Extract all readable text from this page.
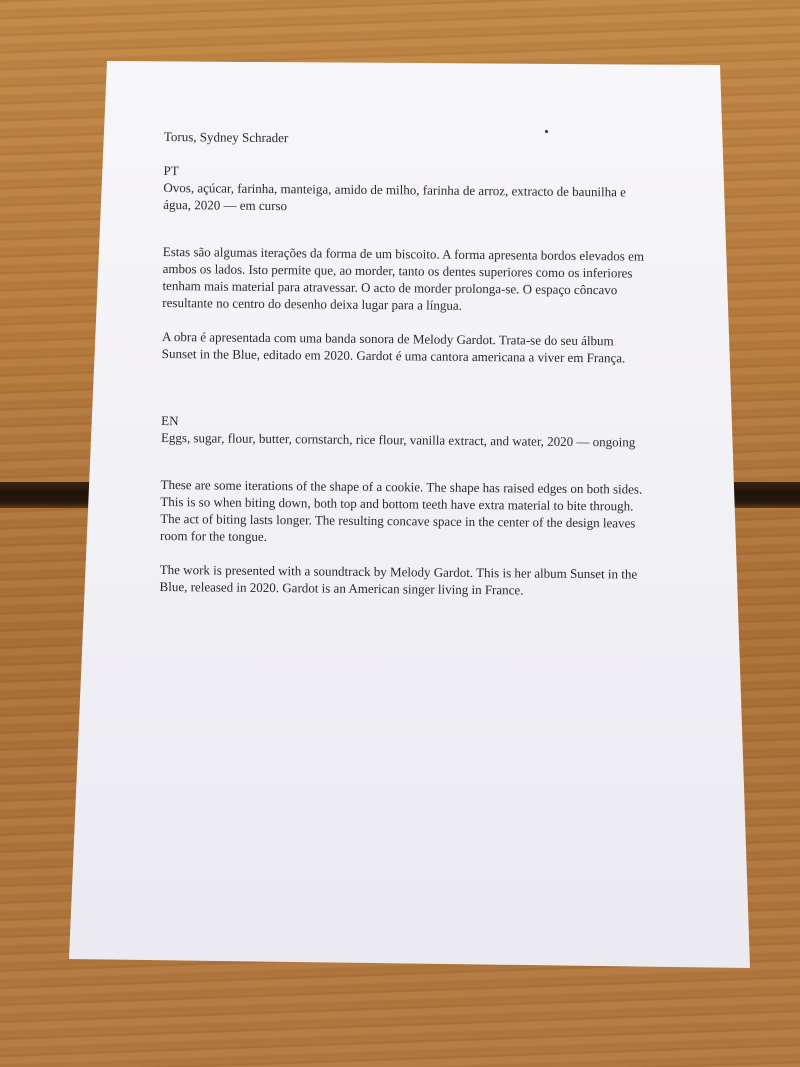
Torus, Sydney Schrader
PT
Ovos, açúcar, farinha, manteiga, amido de milho, farinha de arroz, extracto de baunilha e
água, 2020 — em curso
Estas são algumas iterações da forma de um biscoito. A forma apresenta bordos elevados em
ambos os lados. Isto permite que, ao morder, tanto os dentes superiores como os inferiores
tenham mais material para atravessar. O acto de morder prolonga-se. O espaço côncavo
resultante no centro do desenho deixa lugar para a língua.
A obra é apresentada com uma banda sonora de Melody Gardot. Trata-se do seu álbum
Sunset in the Blue, editado em 2020. Gardot é uma cantora americana a viver em França.
EN
Eggs, sugar, flour, butter, cornstarch, rice flour, vanilla extract, and water, 2020 — ongoing
These are some iterations of the shape of a cookie. The shape has raised edges on both sides.
This is so when biting down, both top and bottom teeth have extra material to bite through.
The act of biting lasts longer. The resulting concave space in the center of the design leaves
room for the tongue.
The work is presented with a soundtrack by Melody Gardot. This is her album Sunset in the
Blue, released in 2020. Gardot is an American singer living in France.
